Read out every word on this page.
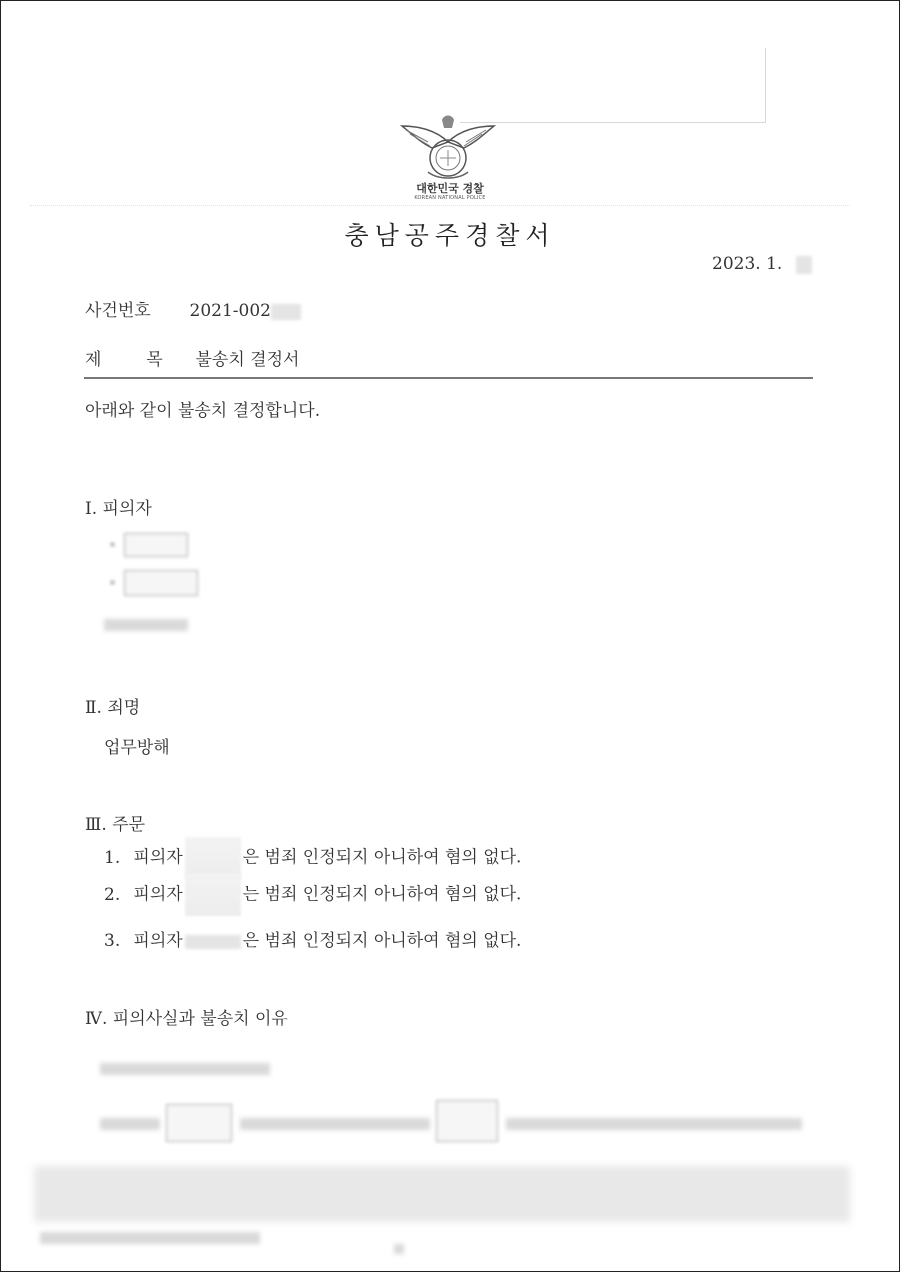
대한민국 경찰
KOREAN NATIONAL POLICE
충남공주경찰서
2023. 1.
사건번호 2021-002
제	목 불송치 결정서
아래와 같이 불송치 결정합니다.
Ⅰ. 피의자
Ⅱ. 죄명
업무방해
Ⅲ. 주문
1. 피의자	은 범죄 인정되지 아니하여 혐의 없다.
2. 피의자	는 범죄 인정되지 아니하여 혐의 없다.
3. 피의자	은 범죄 인정되지 아니하여 혐의 없다.
Ⅳ. 피의사실과 불송치 이유
